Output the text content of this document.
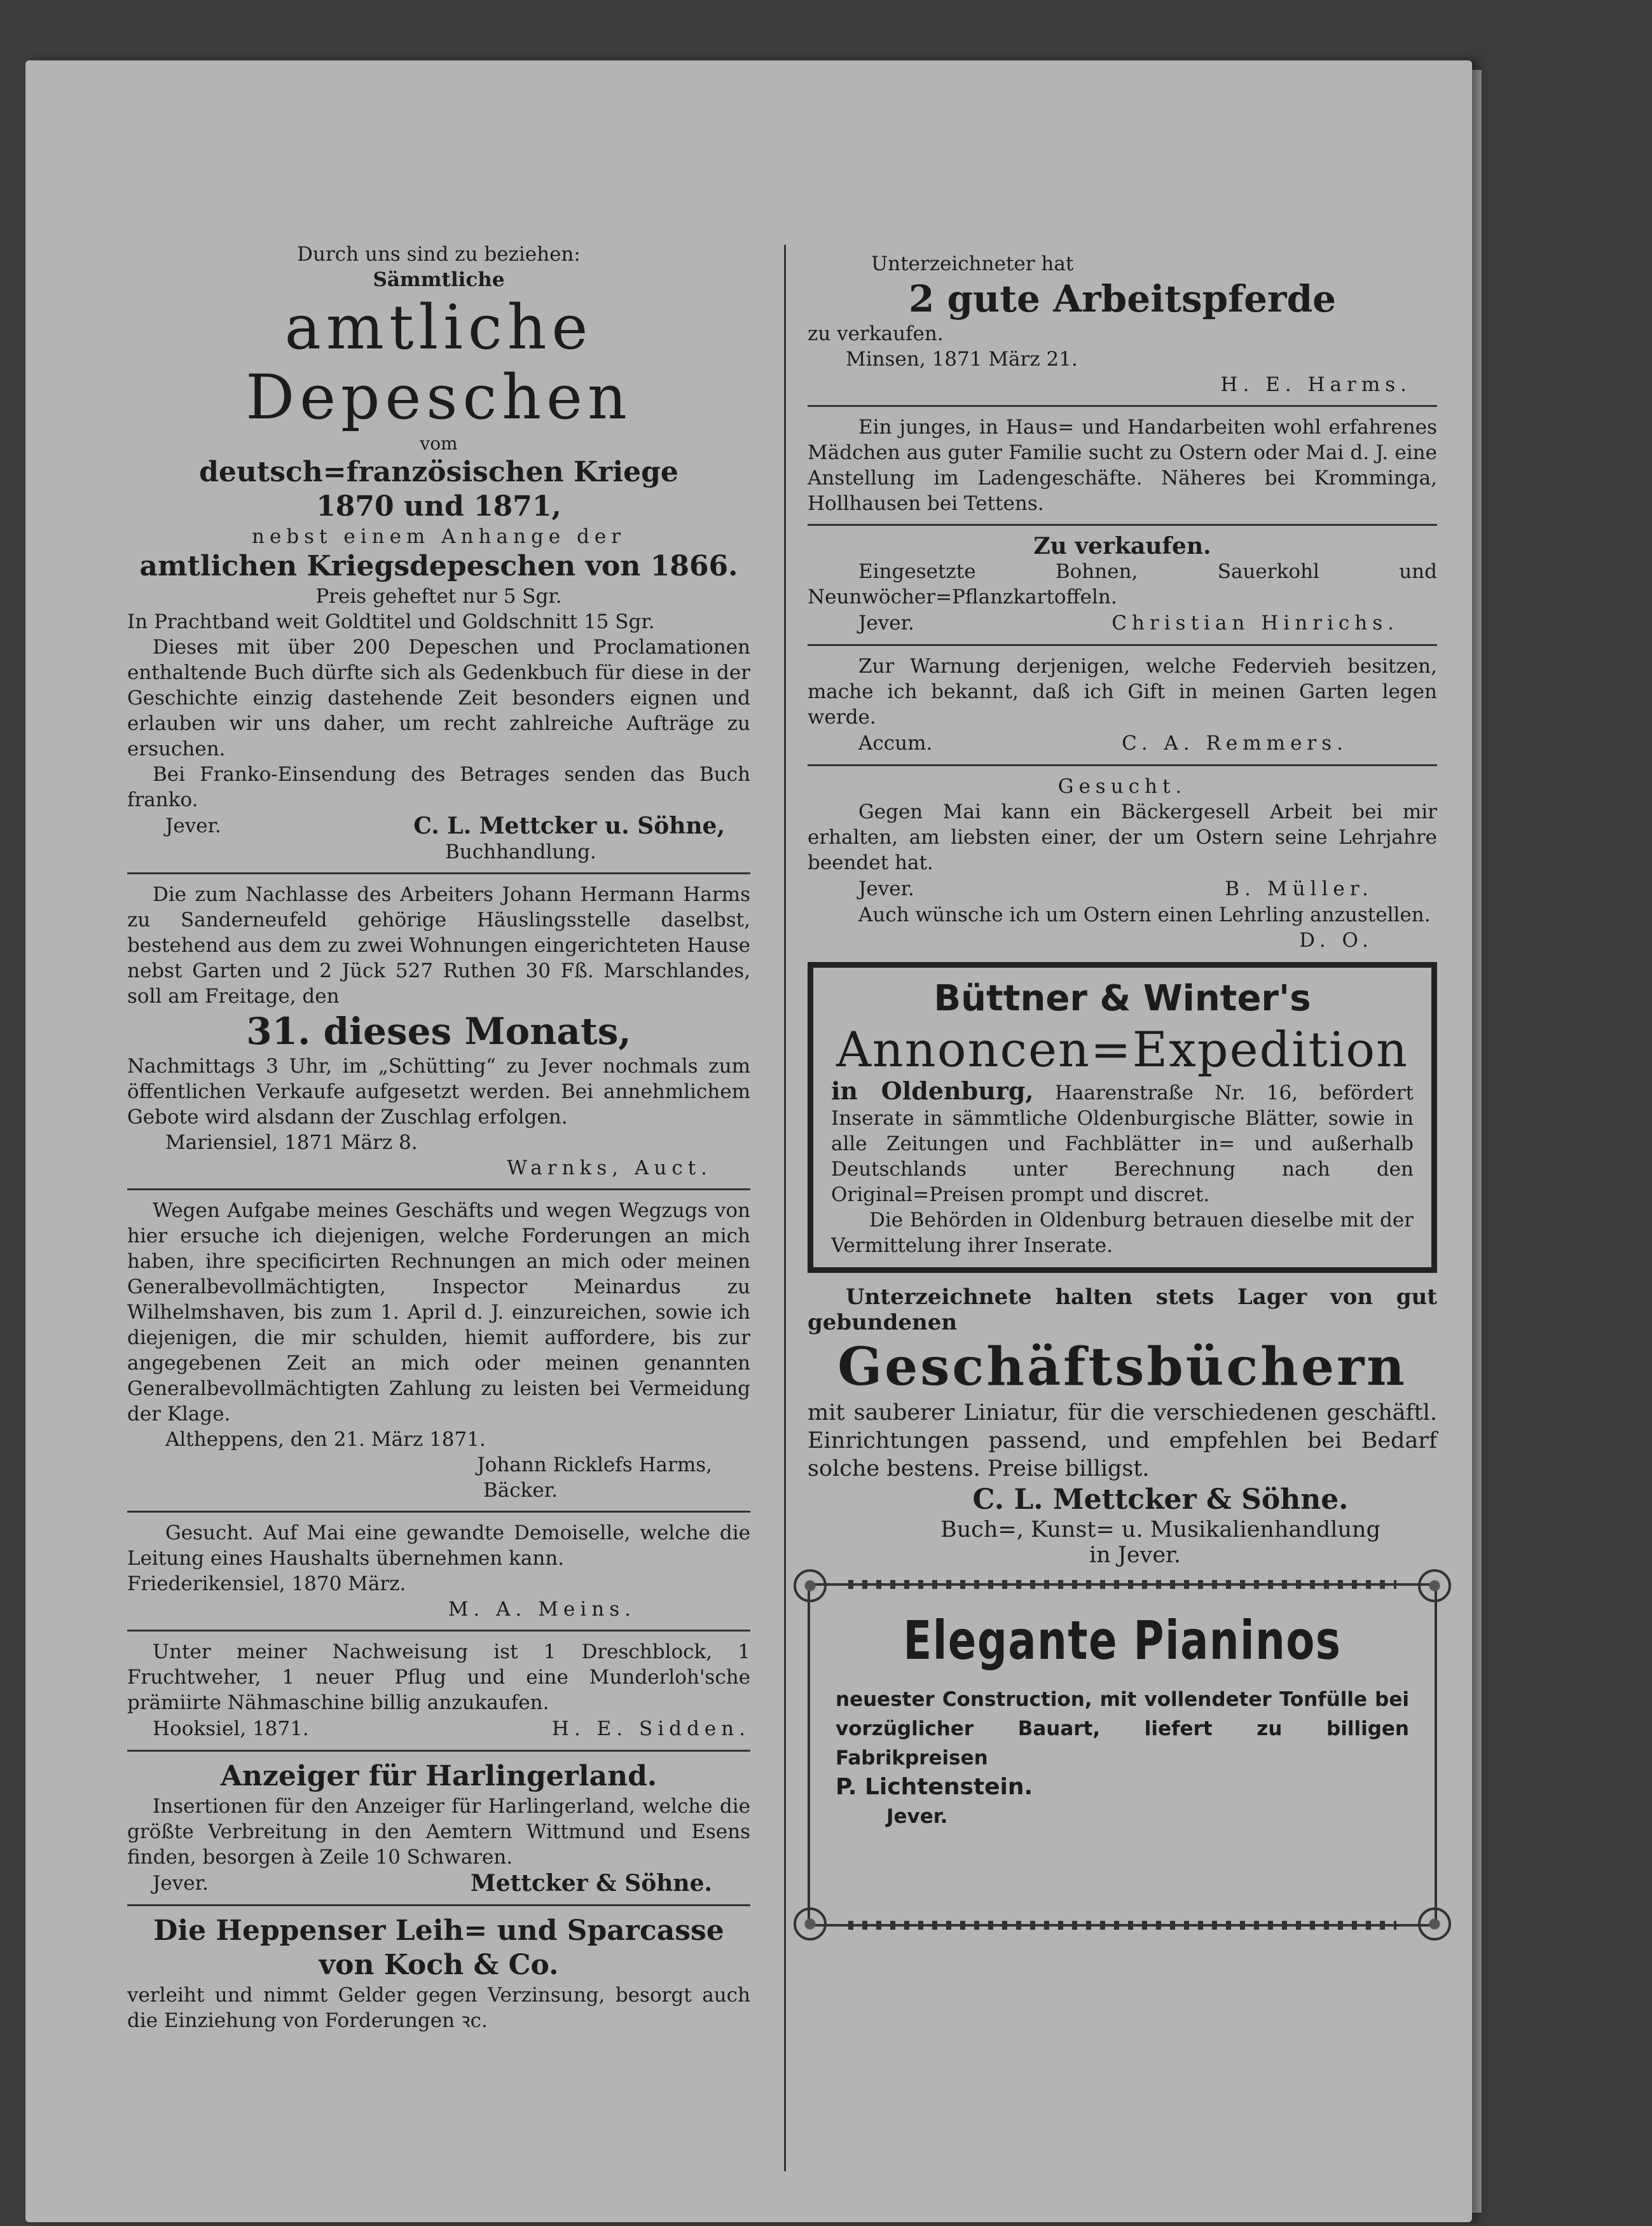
Durch uns sind zu beziehen:

Sämmtliche

amtliche Depeschen

vom

deutsch=französischen Kriege

1870 und 1871,

nebst einem Anhange der

amtlichen Kriegsdepeschen von 1866.

Preis geheftet nur 5 Sgr.

In Prachtband weit Goldtitel und Goldschnitt 15 Sgr.

Dieses mit über 200 Depeschen und Proclamationen enthaltende Buch dürfte sich als Gedenkbuch für diese in der Geschichte einzig dastehende Zeit besonders eignen und erlauben wir uns daher, um recht zahlreiche Aufträge zu ersuchen.

Bei Franko-Einsendung des Betrages senden das Buch franko.

Jever.	C. L. Mettcker u. Söhne,

Buchhandlung.

Die zum Nachlasse des Arbeiters Johann Hermann Harms zu Sanderneufeld gehörige Häuslingsstelle daselbst, bestehend aus dem zu zwei Wohnungen eingerichteten Hause nebst Garten und 2 Jück 527 Ruthen 30 Fß. Marschlandes, soll am Freitage, den

31. dieses Monats,

Nachmittags 3 Uhr, im „Schütting“ zu Jever nochmals zum öffentlichen Verkaufe aufgesetzt werden. Bei annehmlichem Gebote wird alsdann der Zuschlag erfolgen.

Mariensiel, 1871 März 8.

Warnks, Auct.

Wegen Aufgabe meines Geschäfts und wegen Wegzugs von hier ersuche ich diejenigen, welche Forderungen an mich haben, ihre specificirten Rechnungen an mich oder meinen Generalbevollmächtigten, Inspector Meinardus zu Wilhelmshaven, bis zum 1. April d. J. einzureichen, sowie ich diejenigen, die mir schulden, hiemit auffordere, bis zur angegebenen Zeit an mich oder meinen genannten Generalbevollmächtigten Zahlung zu leisten bei Vermeidung der Klage.

Altheppens, den 21. März 1871.

Johann Ricklefs Harms,

Bäcker.

Gesucht. Auf Mai eine gewandte Demoiselle, welche die Leitung eines Haushalts übernehmen kann.

Friederikensiel, 1870 März.

M. A. Meins.

Unter meiner Nachweisung ist 1 Dreschblock, 1 Fruchtweher, 1 neuer Pflug und eine Munderloh'sche prämiirte Nähmaschine billig anzukaufen.

Hooksiel, 1871.	H. E. Sidden.

Anzeiger für Harlingerland.

Insertionen für den Anzeiger für Harlingerland, welche die größte Verbreitung in den Aemtern Wittmund und Esens finden, besorgen à Zeile 10 Schwaren.

Jever.	Mettcker & Söhne.

Die Heppenser Leih= und Sparcasse

von Koch & Co.

verleiht und nimmt Gelder gegen Verzinsung, besorgt auch die Einziehung von Forderungen ꝛc.

Unterzeichneter hat

2 gute Arbeitspferde

zu verkaufen.

Minsen, 1871 März 21.

H. E. Harms.

Ein junges, in Haus= und Handarbeiten wohl erfahrenes Mädchen aus guter Familie sucht zu Ostern oder Mai d. J. eine Anstellung im Ladengeschäfte. Näheres bei Kromminga, Hollhausen bei Tettens.

Zu verkaufen.

Eingesetzte Bohnen, Sauerkohl und Neunwöcher=Pflanzkartoffeln.

Jever.	Christian Hinrichs.

Zur Warnung derjenigen, welche Federvieh besitzen, mache ich bekannt, daß ich Gift in meinen Garten legen werde.

Accum.	C. A. Remmers.

Gesucht.

Gegen Mai kann ein Bäckergesell Arbeit bei mir erhalten, am liebsten einer, der um Ostern seine Lehrjahre beendet hat.

Jever.	B. Müller.

Auch wünsche ich um Ostern einen Lehrling anzustellen.

D. O.

Büttner & Winter's

Annoncen=Expedition

in Oldenburg, Haarenstraße Nr. 16, befördert Inserate in sämmtliche Oldenburgische Blätter, sowie in alle Zeitungen und Fachblätter in= und außerhalb Deutschlands unter Berechnung nach den Original=Preisen prompt und discret.

Die Behörden in Oldenburg betrauen dieselbe mit der Vermittelung ihrer Inserate.

Unterzeichnete halten stets Lager von gut gebundenen

Geschäftsbüchern

mit sauberer Liniatur, für die verschiedenen geschäftl. Einrichtungen passend, und empfehlen bei Bedarf solche bestens. Preise billigst.

C. L. Mettcker & Söhne.

Buch=, Kunst= u. Musikalienhandlung

in Jever.

Elegante Pianinos

neuester Construction, mit vollendeter Tonfülle bei vorzüglicher Bauart, liefert zu billigen Fabrikpreisen

P. Lichtenstein.

Jever.
